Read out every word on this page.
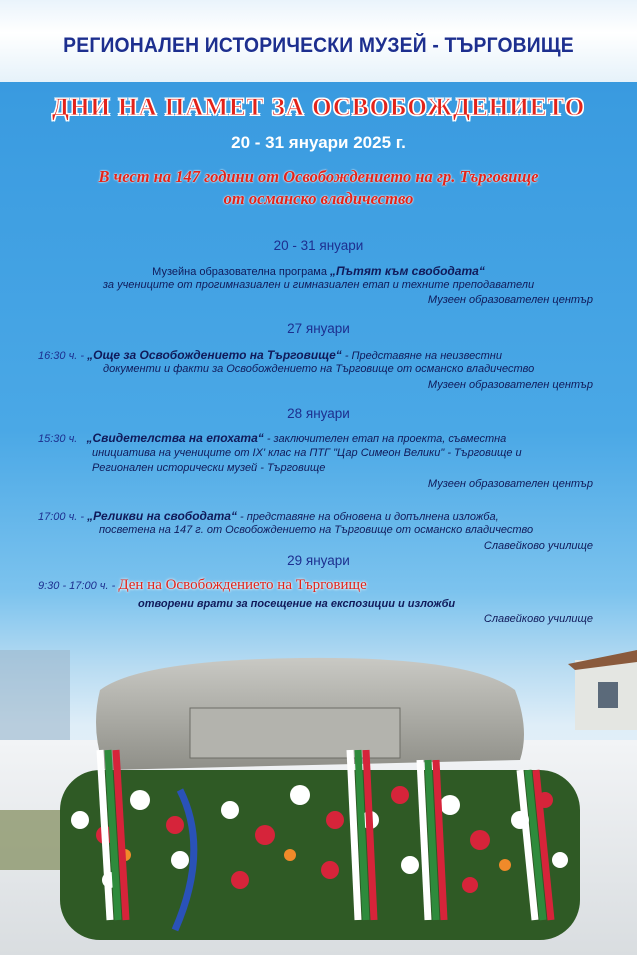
РЕГИОНАЛЕН ИСТОРИЧЕСКИ МУЗЕЙ - ТЪРГОВИЩЕ
ДНИ НА ПАМЕТ ЗА ОСВОБОЖДЕНИЕТО
20 - 31 януари 2025 г.
В чест на 147 години от Освобождението на гр. Търговище
от османско владичество
20 - 31 януари
Музейна образователна програма „Пътят към свободата“
за учениците от прогимназиален и гимназиален етап и техните преподаватели
Музеен образователен център
27 януари
16:30 ч. - „Още за Освобождението на Търговище“ - Представяне на неизвестни
документи и факти за Освобождението на Търговище от османско владичество
Музеен образователен център
28 януари
15:30 ч. „Свидетелства на епохата“ - заключителен етап на проекта, съвместна
инициатива на учениците от IX' клас на ПТГ "Цар Симеон Велики" - Търговище и
Регионален исторически музей - Търговище
Музеен образователен център
17:00 ч. - „Реликви на свободата“ - представяне на обновена и допълнена изложба,
посветена на 147 г. от Освобождението на Търговище от османско владичество
Славейково училище
29 януари
9:30 - 17:00 ч. - Ден на Освобождението на Търговище
отворени врати за посещение на експозиции и изложби
Славейково училище
